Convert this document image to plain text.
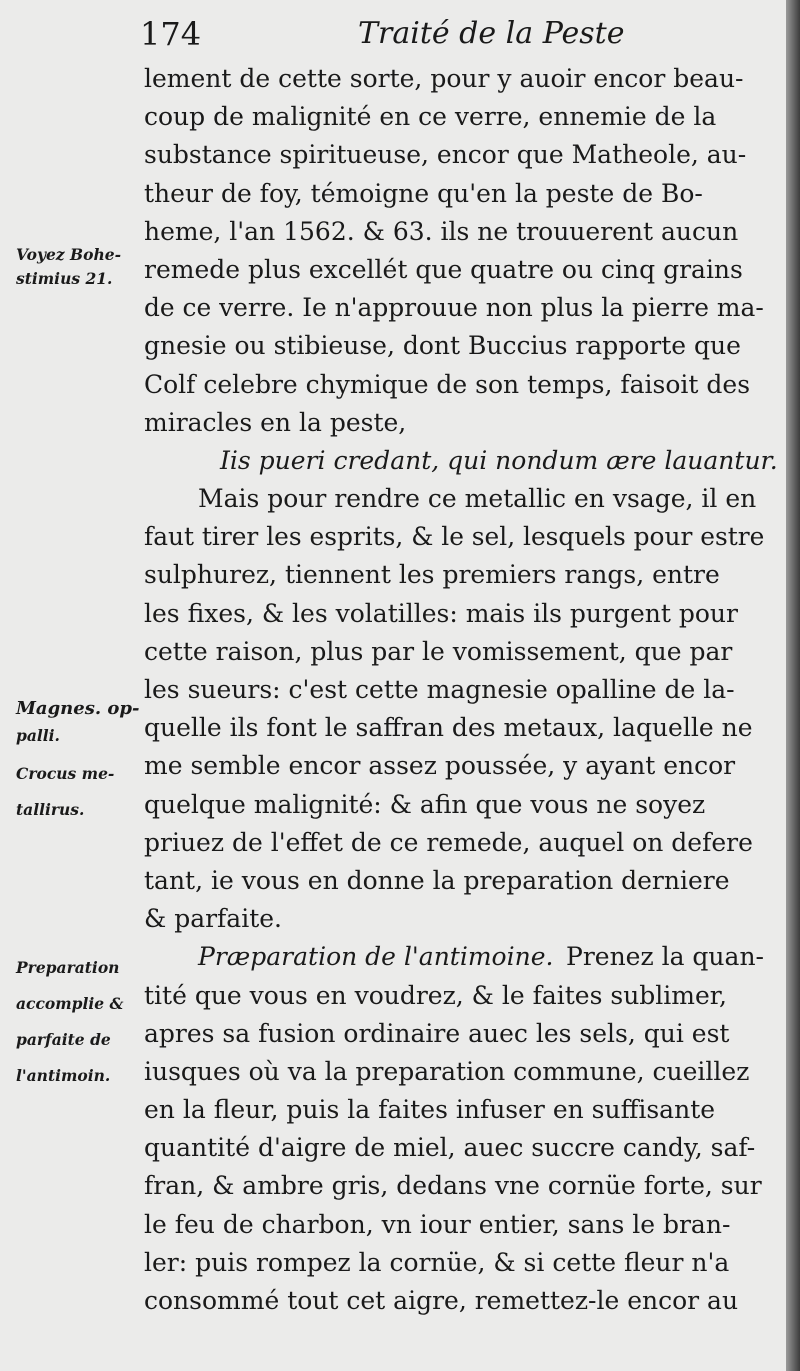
174	Traité de la Peste
Voyez Bohe-
stimius 21.
Magnes. op-
palli.
Crocus me-
tallirus.
Preparation
accomplie &
parfaite de
l'antimoin.
lement de cette sorte, pour y auoir encor beau-
coup de malignité en ce verre, ennemie de la
substance spiritueuse, encor que Matheole, au-
theur de foy, témoigne qu'en la peste de Bo-
heme, l'an 1562. & 63. ils ne trouuerent aucun
remede plus excellét que quatre ou cinq grains
de ce verre. Ie n'approuue non plus la pierre ma-
gnesie ou stibieuse, dont Buccius rapporte que
Colf celebre chymique de son temps, faisoit des
miracles en la peste,
Iis pueri credant, qui nondum ære lauantur.
Mais pour rendre ce metallic en vsage, il en
faut tirer les esprits, & le sel, lesquels pour estre
sulphurez, tiennent les premiers rangs, entre
les fixes, & les volatilles: mais ils purgent pour
cette raison, plus par le vomissement, que par
les sueurs: c'est cette magnesie opalline de la-
quelle ils font le saffran des metaux, laquelle ne
me semble encor assez poussée, y ayant encor
quelque malignité: & afin que vous ne soyez
priuez de l'effet de ce remede, auquel on defere
tant, ie vous en donne la preparation derniere
& parfaite.
Præparation de l'antimoine. Prenez la quan-
tité que vous en voudrez, & le faites sublimer,
apres sa fusion ordinaire auec les sels, qui est
iusques où va la preparation commune, cueillez
en la fleur, puis la faites infuser en suffisante
quantité d'aigre de miel, auec succre candy, saf-
fran, & ambre gris, dedans vne cornüe forte, sur
le feu de charbon, vn iour entier, sans le bran-
ler: puis rompez la cornüe, & si cette fleur n'a
consommé tout cet aigre, remettez-le encor au
